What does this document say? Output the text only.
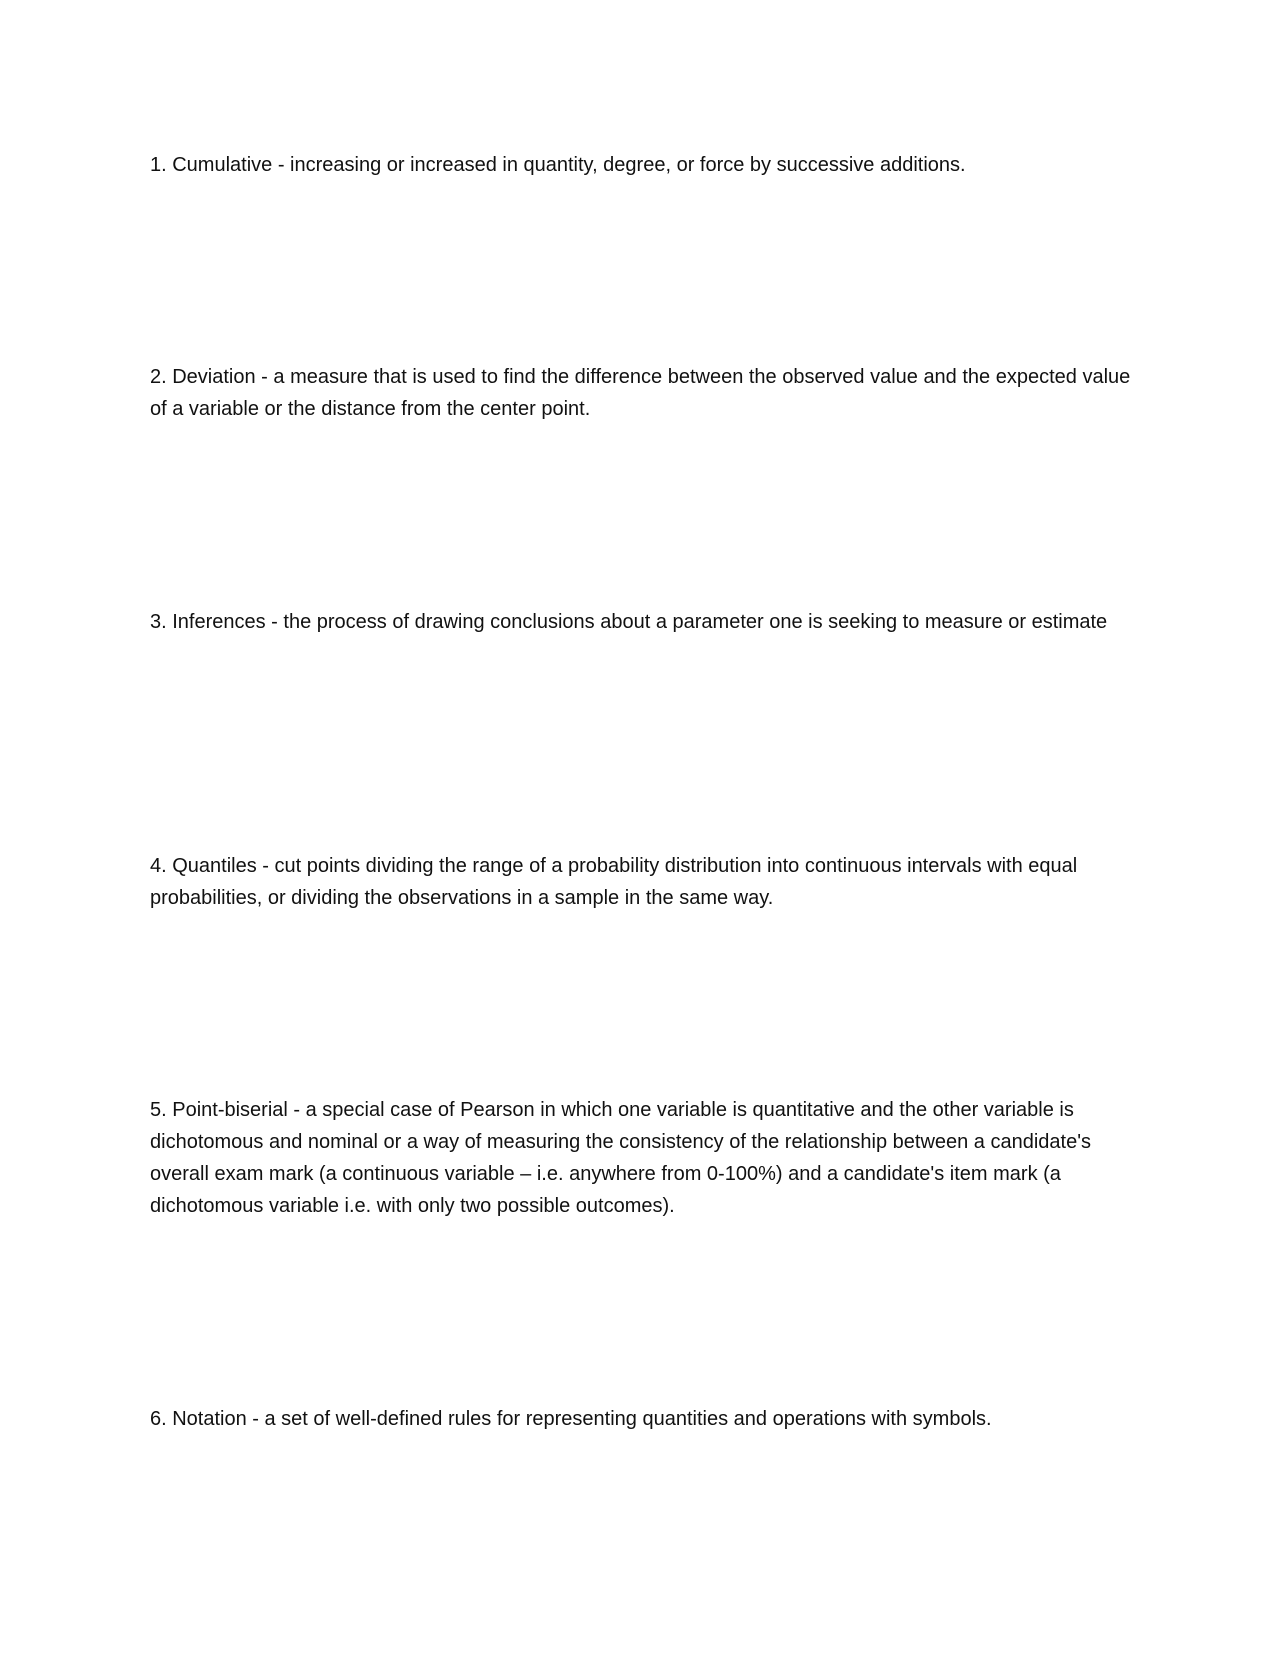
1. Cumulative - increasing or increased in quantity, degree, or force by successive additions.

2. Deviation - a measure that is used to find the difference between the observed value and the expected value of a variable or the distance from the center point.

3. Inferences - the process of drawing conclusions about a parameter one is seeking to measure or estimate

4. Quantiles - cut points dividing the range of a probability distribution into continuous intervals with equal probabilities, or dividing the observations in a sample in the same way.

5. Point-biserial - a special case of Pearson in which one variable is quantitative and the other variable is dichotomous and nominal or a way of measuring the consistency of the relationship between a candidate's overall exam mark (a continuous variable – i.e. anywhere from 0-100%) and a candidate's item mark (a dichotomous variable i.e. with only two possible outcomes).

6. Notation - a set of well-defined rules for representing quantities and operations with symbols.
